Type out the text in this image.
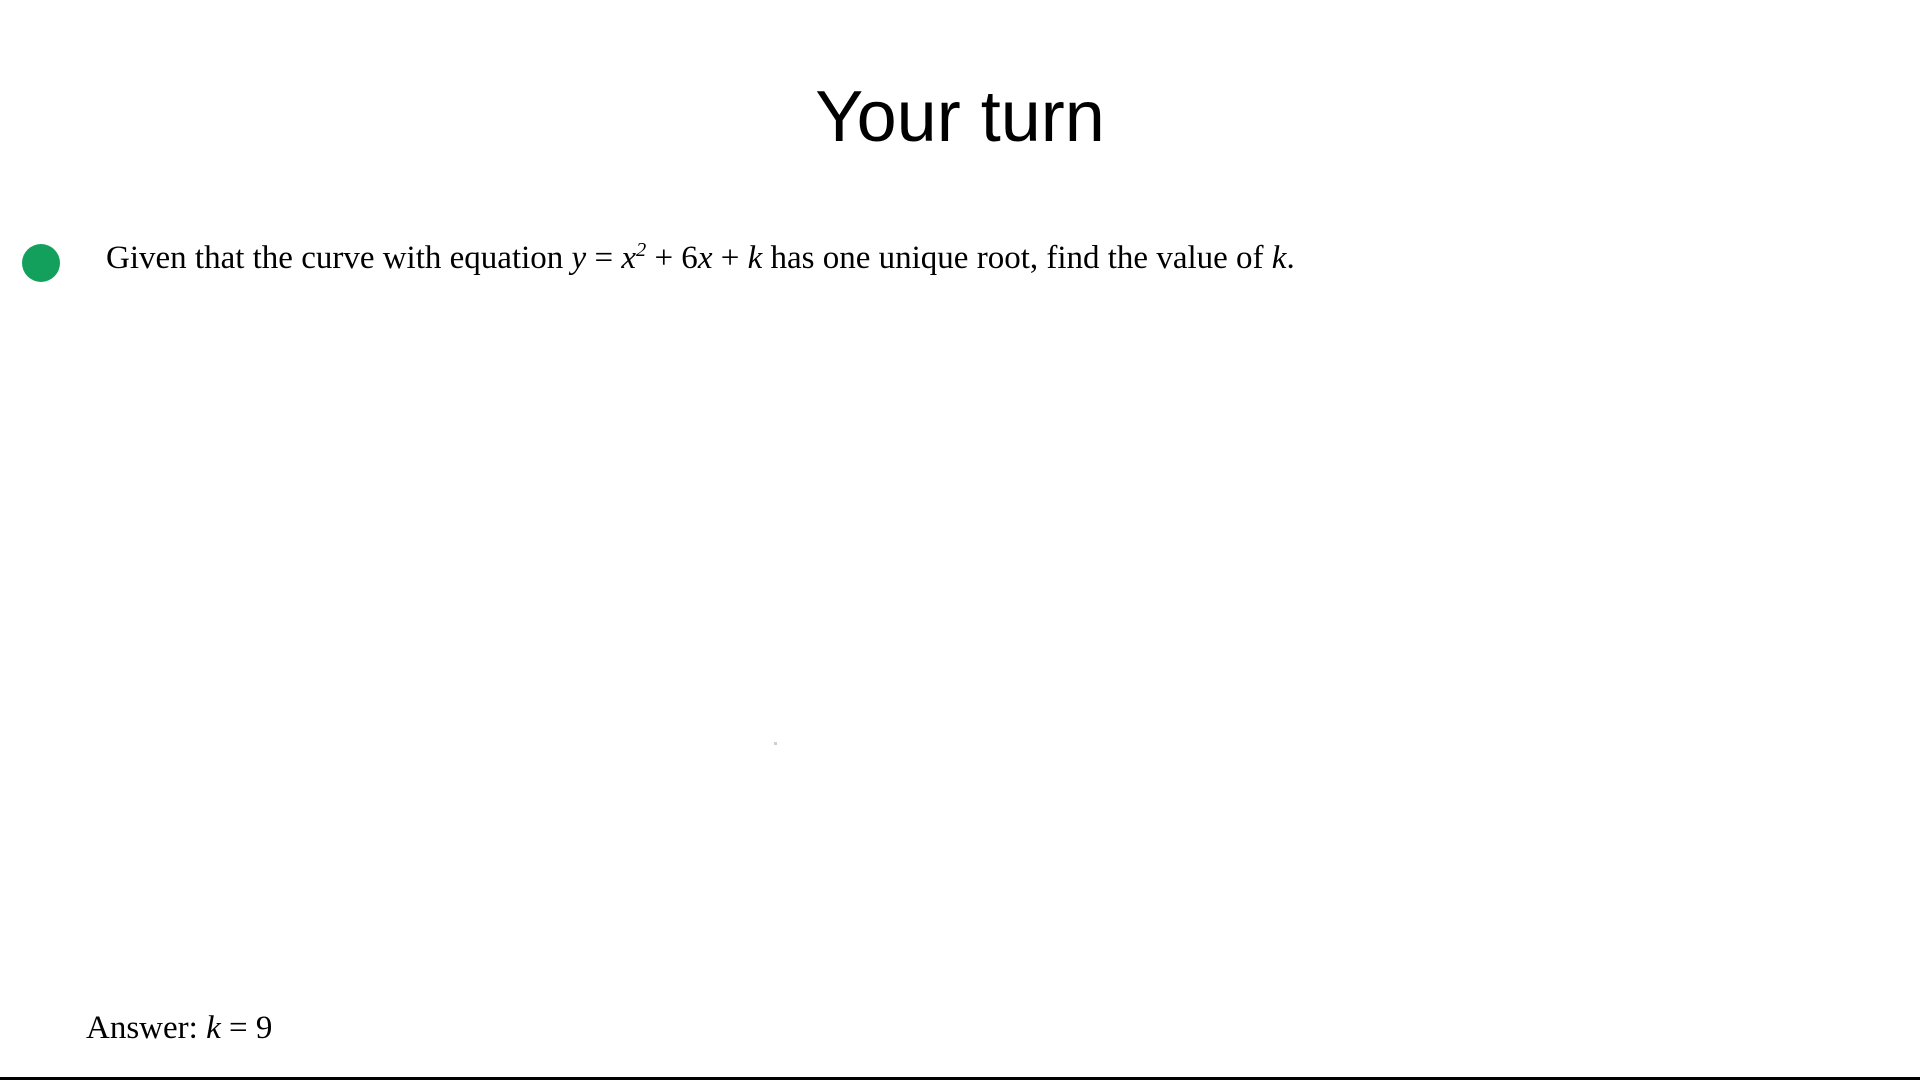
Your turn
Given that the curve with equation $y = x^2 + 6x + k$ has one unique root, find the value of k.
Answer: k = 9
